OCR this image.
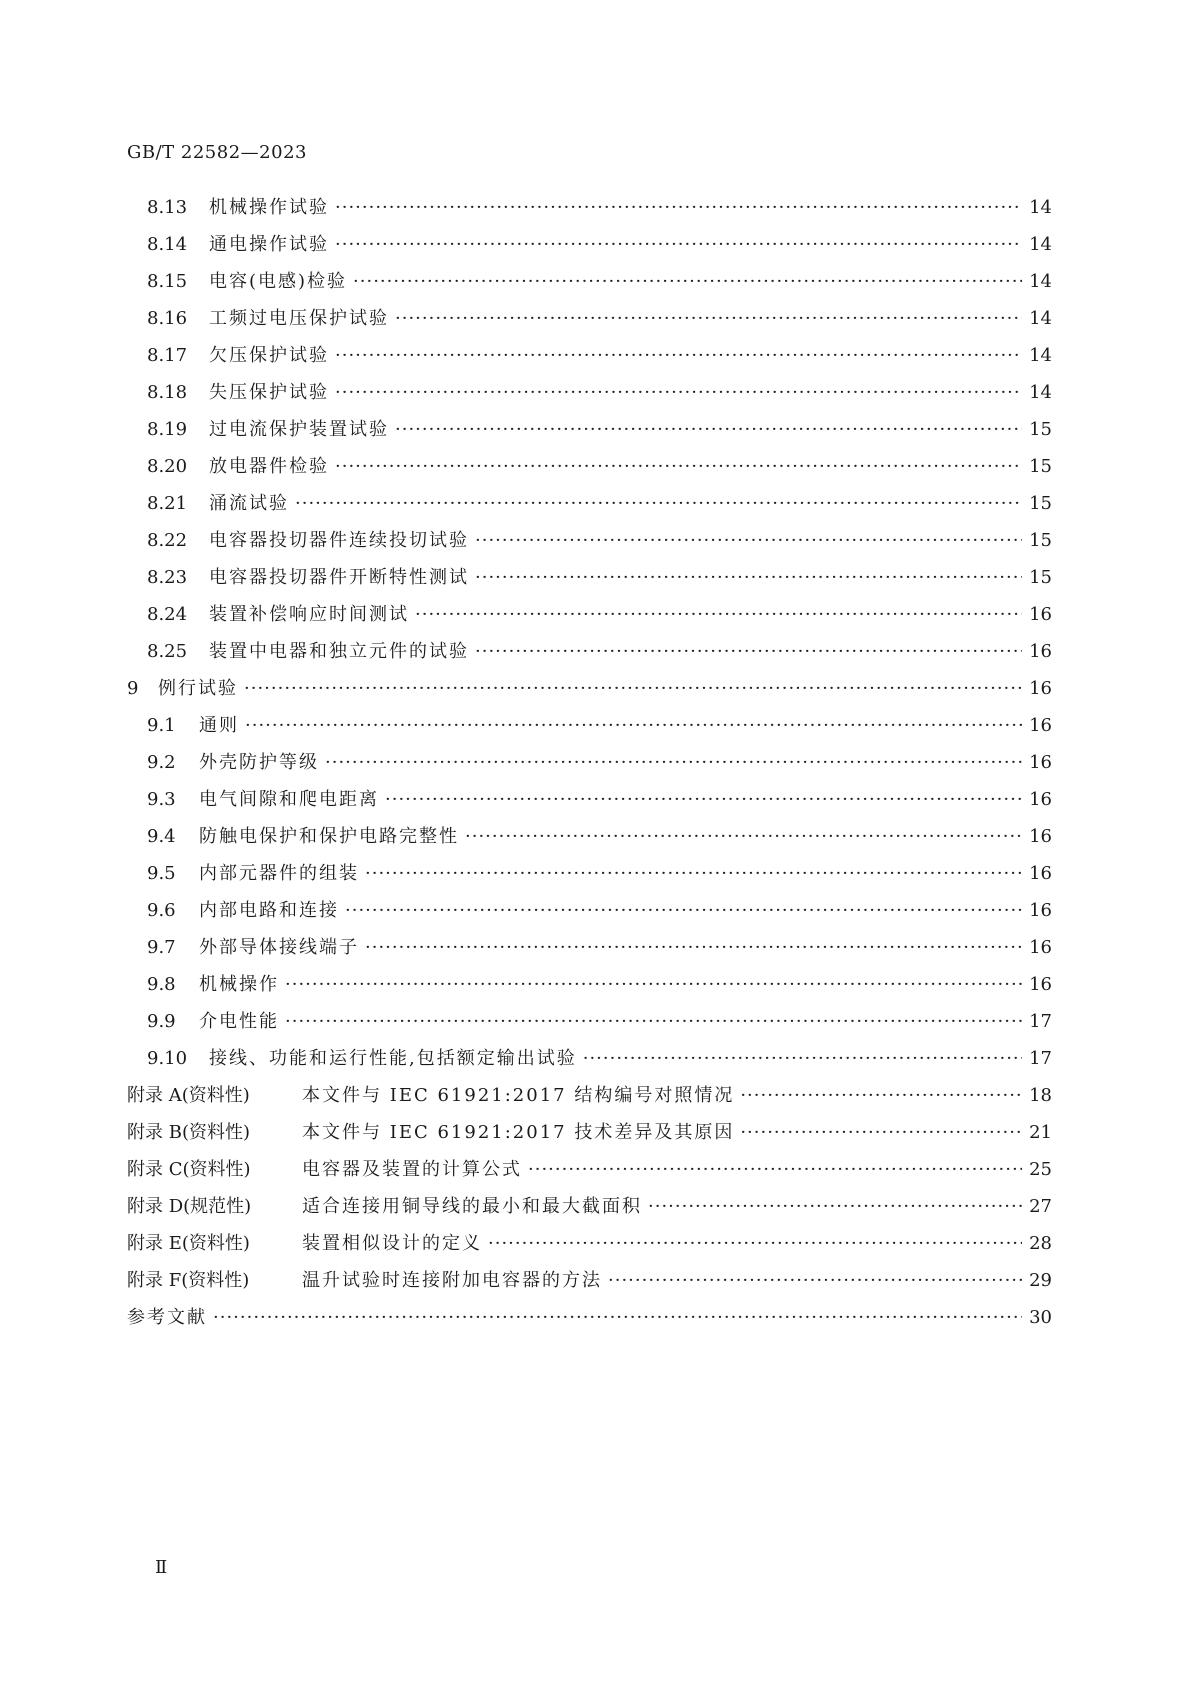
GB/T 22582—2023
8.13	机械操作试验 ·····	14
8.14	通电操作试验 ·····	14
8.15	电容(电感)检验 ·····	14
8.16	工频过电压保护试验 ·····	14
8.17	欠压保护试验 ·····	14
8.18	失压保护试验 ·····	14
8.19	过电流保护装置试验 ·····	15
8.20	放电器件检验 ·····	15
8.21	涌流试验 ·····	15
8.22	电容器投切器件连续投切试验 ·····	15
8.23	电容器投切器件开断特性测试 ·····	15
8.24	装置补偿响应时间测试 ·····	16
8.25	装置中电器和独立元件的试验 ·····	16
9	例行试验 ·····	16
9.1	通则 ·····	16
9.2	外壳防护等级 ·····	16
9.3	电气间隙和爬电距离 ·····	16
9.4	防触电保护和保护电路完整性 ·····	16
9.5	内部元器件的组装 ·····	16
9.6	内部电路和连接 ·····	16
9.7	外部导体接线端子 ·····	16
9.8	机械操作 ·····	16
9.9	介电性能 ·····	17
9.10	接线、功能和运行性能,包括额定输出试验 ·····	17
附录 A(资料性)	本文件与 IEC 61921:2017 结构编号对照情况 ·····	18
附录 B(资料性)	本文件与 IEC 61921:2017 技术差异及其原因 ·····	21
附录 C(资料性)	电容器及装置的计算公式 ·····	25
附录 D(规范性)	适合连接用铜导线的最小和最大截面积 ·····	27
附录 E(资料性)	装置相似设计的定义 ·····	28
附录 F(资料性)	温升试验时连接附加电容器的方法 ·····	29
参考文献 ·····	30
Ⅱ
